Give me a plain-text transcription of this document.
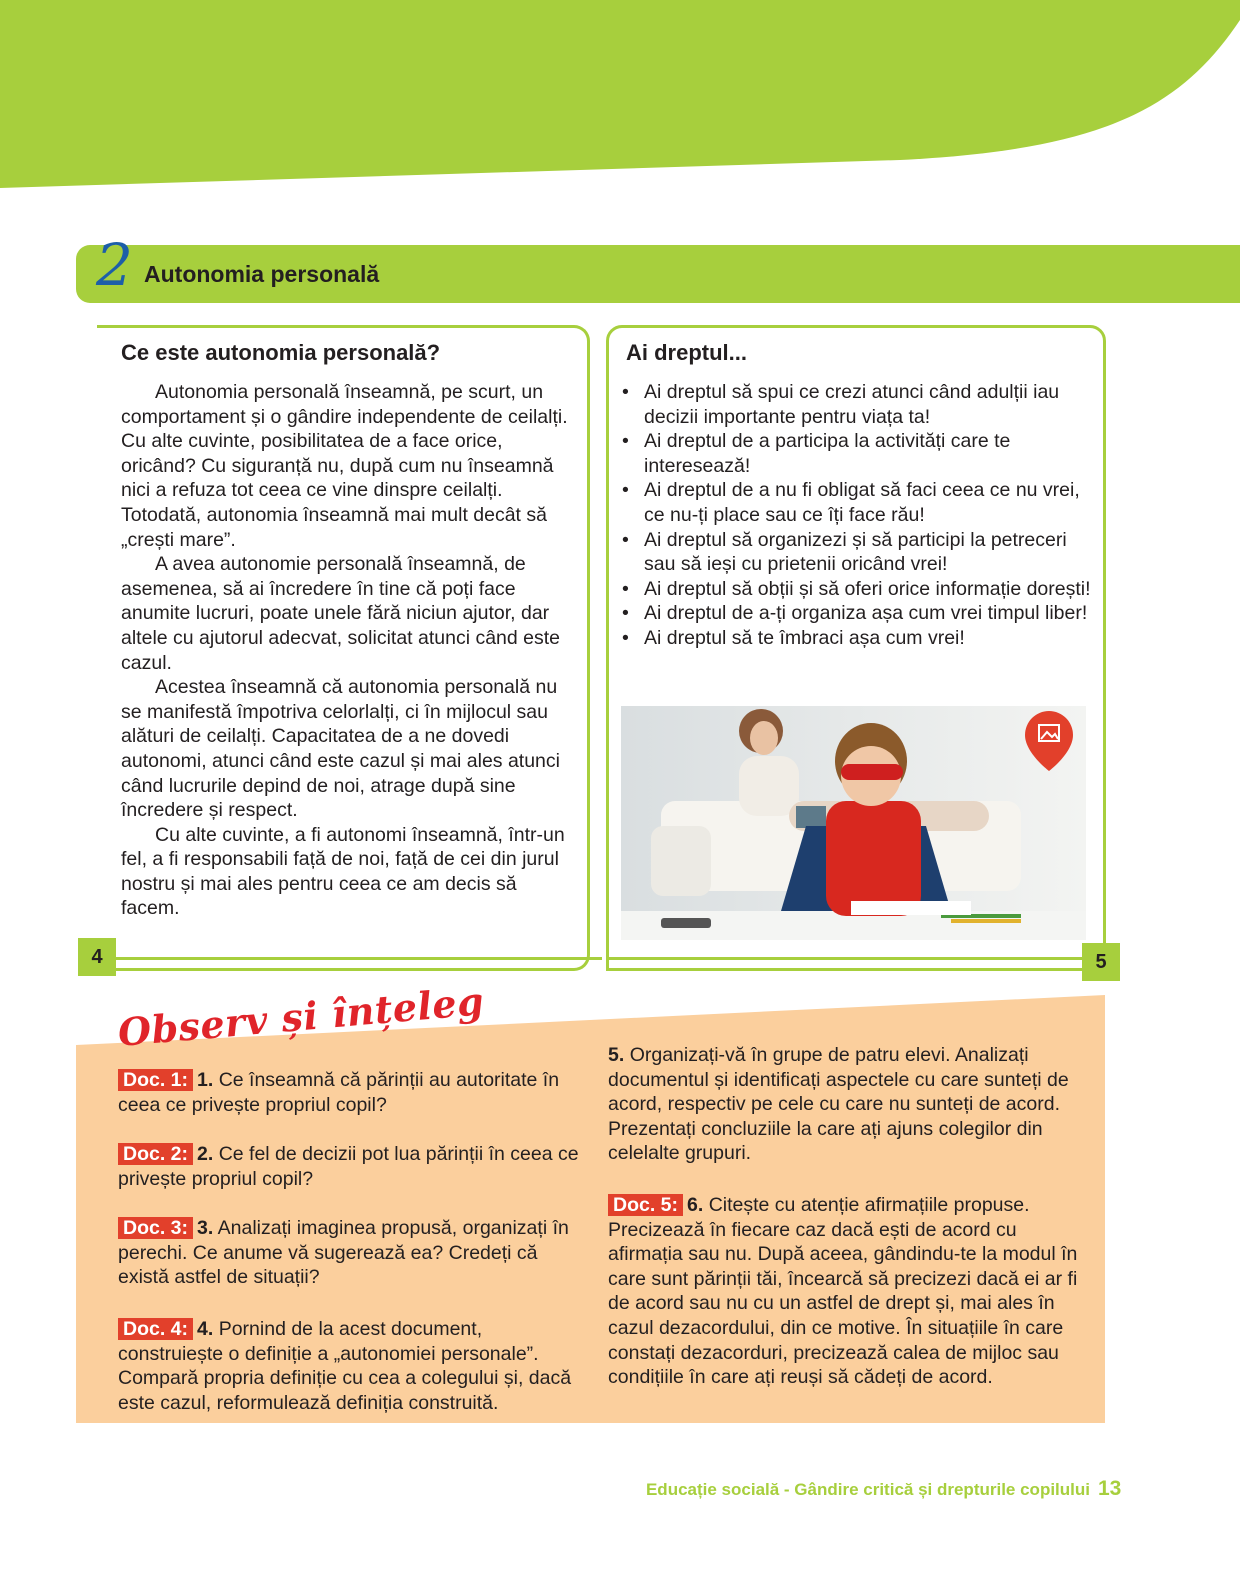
2 Autonomia personală
Ce este autonomia personală?

Autonomia personală înseamnă, pe scurt, un comportament și o gândire independente de ceilalți. Cu alte cuvinte, posibilitatea de a face orice, oricând? Cu siguranță nu, după cum nu înseamnă nici a refuza tot ceea ce vine dinspre ceilalți. Totodată, autonomia înseamnă mai mult decât să „crești mare”.

A avea autonomie personală înseamnă, de asemenea, să ai încredere în tine că poți face anumite lucruri, poate unele fără niciun ajutor, dar altele cu ajutorul adecvat, solicitat atunci când este cazul.

Acestea înseamnă că autonomia personală nu se manifestă împotriva celorlalți, ci în mijlocul sau alături de ceilalți. Capacitatea de a ne dovedi autonomi, atunci când este cazul și mai ales atunci când lucrurile depind de noi, atrage după sine încredere și respect.

Cu alte cuvinte, a fi autonomi înseamnă, într-un fel, a fi responsabili față de noi, față de cei din jurul nostru și mai ales pentru ceea ce am decis să facem.

Ai dreptul...
• Ai dreptul să spui ce crezi atunci când adulții iau decizii importante pentru viața ta!
• Ai dreptul de a participa la activități care te interesează!
• Ai dreptul de a nu fi obligat să faci ceea ce nu vrei, ce nu-ți place sau ce îți face rău!
• Ai dreptul să organizezi și să participi la petreceri sau să ieși cu prietenii oricând vrei!
• Ai dreptul să obții și să oferi orice informație dorești!
• Ai dreptul de a-ți organiza așa cum vrei timpul liber!
• Ai dreptul să te îmbraci așa cum vrei!
4	5
Observ și înțeleg
Doc. 1: 1. Ce înseamnă că părinții au autoritate în ceea ce privește propriul copil?
Doc. 2: 2. Ce fel de decizii pot lua părinții în ceea ce privește propriul copil?
Doc. 3: 3. Analizați imaginea propusă, organizați în perechi. Ce anume vă sugerează ea? Credeți că există astfel de situații?
Doc. 4: 4. Pornind de la acest document, construiește o definiție a „autonomiei personale”. Compară propria definiție cu cea a colegului și, dacă este cazul, reformulează definiția construită.
5. Organizați-vă în grupe de patru elevi. Analizați documentul și identificați aspectele cu care sunteți de acord, respectiv pe cele cu care nu sunteți de acord. Prezentați concluziile la care ați ajuns colegilor din celelalte grupuri.
Doc. 5: 6. Citește cu atenție afirmațiile propuse. Precizează în fiecare caz dacă ești de acord cu afirmația sau nu. După aceea, gândindu-te la modul în care sunt părinții tăi, încearcă să precizezi dacă ei ar fi de acord sau nu cu un astfel de drept și, mai ales în cazul dezacordului, din ce motive. În situațiile în care constați dezacorduri, precizează calea de mijloc sau condițiile în care ați reuși să cădeți de acord.
Educație socială - Gândire critică și drepturile copilului 13
